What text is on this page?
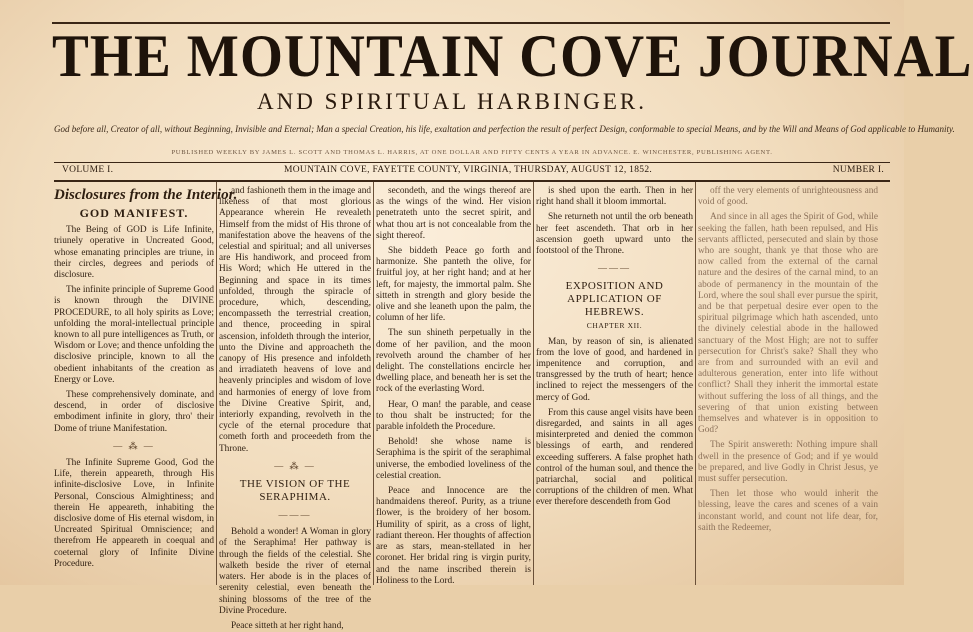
THE MOUNTAIN COVE JOURNAL
AND SPIRITUAL HARBINGER.
God before all, Creator of all, without Beginning, Invisible and Eternal; Man a special Creation, his life, exaltation and perfection the result of perfect Design, conformable to special Means, and by the Will and Means of God applicable to Humanity.
PUBLISHED WEEKLY BY JAMES L. SCOTT AND THOMAS L. HARRIS, AT ONE DOLLAR AND FIFTY CENTS A YEAR IN ADVANCE. E. WINCHESTER, PUBLISHING AGENT.
VOLUME I.	MOUNTAIN COVE, FAYETTE COUNTY, VIRGINIA, THURSDAY, AUGUST 12, 1852.	NUMBER I.
Disclosures from the Interior.
GOD MANIFEST.

The Being of GOD is Life Infinite, triunely operative in Uncreated Good, whose emanating principles are triune, in their circles, degrees and periods of disclosure.

The infinite principle of Supreme Good is known through the DIVINE PROCEDURE, to all holy spirits as Love; unfolding the moral-intellectual principle known to all pure intelligences as Truth, or Wisdom or Love; and thence unfolding the disclosive principle, known to all the obedient inhabitants of the creation as Energy or Love.

These comprehensively dominate, and descend, in order of disclosive embodiment infinite in glory, thro' their Dome of triune Manifestation.

— ⁂ —

The Infinite Supreme Good, God the Life, therein appeareth, through His infinite-disclosive Love, in Infinite Personal, Conscious Almightiness; and therein He appeareth, inhabiting the disclosive dome of His eternal wisdom, in Uncreated Spiritual Omniscience; and therefrom He appeareth in coequal and coeternal glory of Infinite Divine Procedure.

and fashioneth them in the image and likeness of that most glorious Appearance wherein He revealeth Himself from the midst of His throne of manifestation above the heavens of the celestial and spiritual; and all universes are His handiwork, and proceed from His Word; which He uttered in the Beginning and space in its times unfolded, through the spiracle of procedure, which, descending, encompasseth the terrestrial creation, and thence, proceeding in spiral ascension, infoldeth through the interior, unto the Divine and approacheth the canopy of His presence and infoldeth and irradiateth heavens of love and heavenly principles and wisdom of love and harmonies of energy of love from the Divine Creative Spirit, and, interiorly expanding, revolveth in the cycle of the eternal procedure that cometh forth and proceedeth from the Throne.

— ⁂ —
THE VISION OF THE SERAPHIMA.
———

Behold a wonder! A Woman in glory of the Seraphima! Her pathway is through the fields of the celestial. She walketh beside the river of eternal waters. Her abode is in the places of serenity celestial, even beneath the shining blossoms of the tree of the Divine Procedure.

Peace sitteth at her right hand,

secondeth, and the wings thereof are as the wings of the wind. Her vision penetrateth unto the secret spirit, and what thou art is not concealable from the sight thereof.

She biddeth Peace go forth and harmonize. She panteth the olive, for fruitful joy, at her right hand; and at her left, for majesty, the immortal palm. She sitteth in strength and glory beside the olive and she leaneth upon the palm, the column of her life.

The sun shineth perpetually in the dome of her pavilion, and the moon revolveth around the chamber of her delight. The constellations encircle her dwelling place, and beneath her is set the rock of the everlasting Word.

Hear, O man! the parable, and cease to thou shalt be instructed; for the parable infoldeth the Procedure.

Behold! she whose name is Seraphima is the spirit of the seraphimal universe, the embodied loveliness of the celestial creation.

Peace and Innocence are the handmaidens thereof. Purity, as a triune flower, is the broidery of her bosom. Humility of spirit, as a cross of light, radiant thereon. Her thoughts of affection are as stars, mean-stellated in her coronet. Her bridal ring is virgin purity, and the name inscribed therein is Holiness to the Lord.

is shed upon the earth. Then in her right hand shall it bloom immortal.

She returneth not until the orb beneath her feet ascendeth. That orb in her ascension goeth upward unto the footstool of the Throne.

———
EXPOSITION AND APPLICATION OF HEBREWS.
CHAPTER XII.

Man, by reason of sin, is alienated from the love of good, and hardened in impenitence and corruption, and transgressed by the truth of heart; hence inclined to reject the messengers of the mercy of God.

From this cause angel visits have been disregarded, and saints in all ages misinterpreted and denied the common blessings of earth, and rendered exceeding sufferers. A false prophet hath control of the human soul, and thence the patriarchal, social and political corruptions of the children of men. What ever therefore descendeth from God

off the very elements of unrighteousness and void of good.

And since in all ages the Spirit of God, while seeking the fallen, hath been repulsed, and His servants afflicted, persecuted and slain by those who are sought, thank ye that those who are now called from the external of the carnal nature and the desires of the carnal mind, to an abode of permanency in the mountain of the Lord, where the soul shall ever pursue the spirit, and be that perpetual desire ever open to the spiritual pilgrimage which hath ascended, unto the divinely celestial abode in the hallowed sanctuary of the Most High; are not to suffer persecution for Christ's sake? Shall they who are from and surrounded with an evil and adulterous generation, enter into life without conflict? Shall they inherit the immortal estate without suffering the loss of all things, and the severing of that union existing between themselves and whatever is in opposition to God?

The Spirit answereth: Nothing impure shall dwell in the presence of God; and if ye would be prepared, and live Godly in Christ Jesus, ye must suffer persecution.

Then let those who would inherit the blessing, leave the cares and scenes of a vain inconstant world, and count not life dear, for, saith the Redeemer,
